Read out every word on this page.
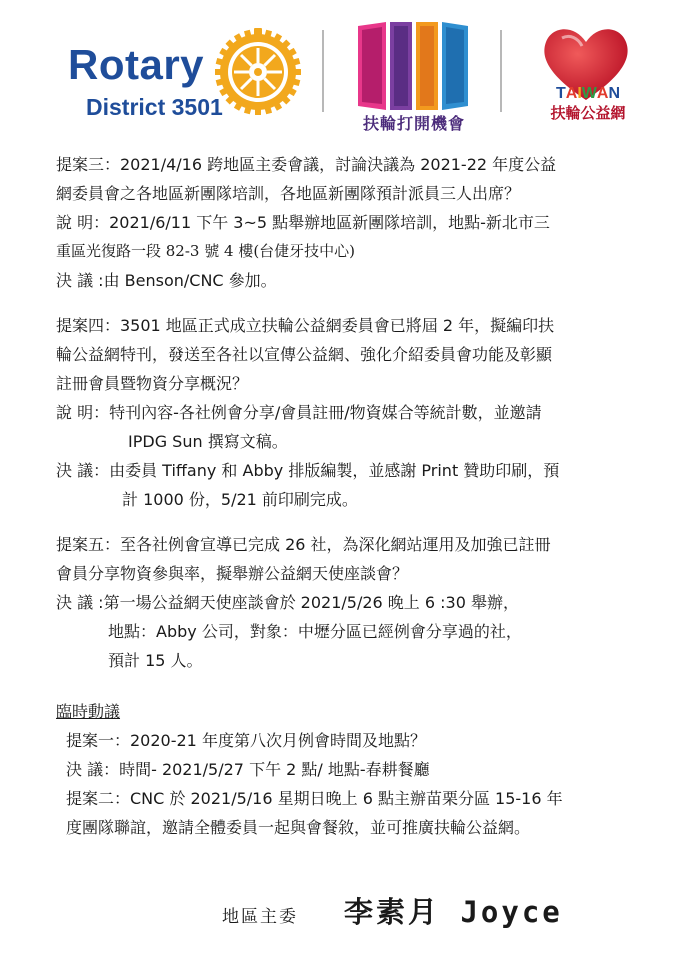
Rotary
District 3501
扶輪打開機會
TAIWAN
扶輪公益網
提案三：2021/4/16 跨地區主委會議，討論決議為 2021-22 年度公益
網委員會之各地區新團隊培訓，各地區新團隊預計派員三人出席？
說 明： 2021/6/11 下午 3~5 點舉辦地區新團隊培訓，地點-新北市三
重區光復路一段 82-3 號 4 樓(台倢牙技中心)
決 議 : 由 Benson/CNC 參加。
提案四：3501 地區正式成立扶輪公益網委員會已將屆 2 年，擬編印扶
輪公益網特刊，發送至各社以宣傳公益網、強化介紹委員會功能及彰顯
註冊會員暨物資分享概況？
說 明： 特刊內容-各社例會分享/會員註冊/物資媒合等統計數，並邀請
IPDG Sun 撰寫文稿。
決 議： 由委員 Tiffany 和 Abby 排版編製，並感謝 Print 贊助印刷，預
計 1000 份，5/21 前印刷完成。
提案五：至各社例會宣導已完成 26 社，為深化網站運用及加強已註冊
會員分享物資參與率，擬舉辦公益網天使座談會？
決 議 : 第一場公益網天使座談會於 2021/5/26 晚上 6 :30 舉辦，
地點：Abby 公司，對象：中壢分區已經例會分享過的社，
預計 15 人。
臨時動議
提案一：2020-21 年度第八次月例會時間及地點？
決 議：時間- 2021/5/27 下午 2 點/ 地點-春耕餐廳
提案二：CNC 於 2021/5/16 星期日晚上 6 點主辦苗栗分區 15-16 年
度團隊聯誼，邀請全體委員一起與會餐敘，並可推廣扶輪公益網。
地區主委 李素月 Joyce
